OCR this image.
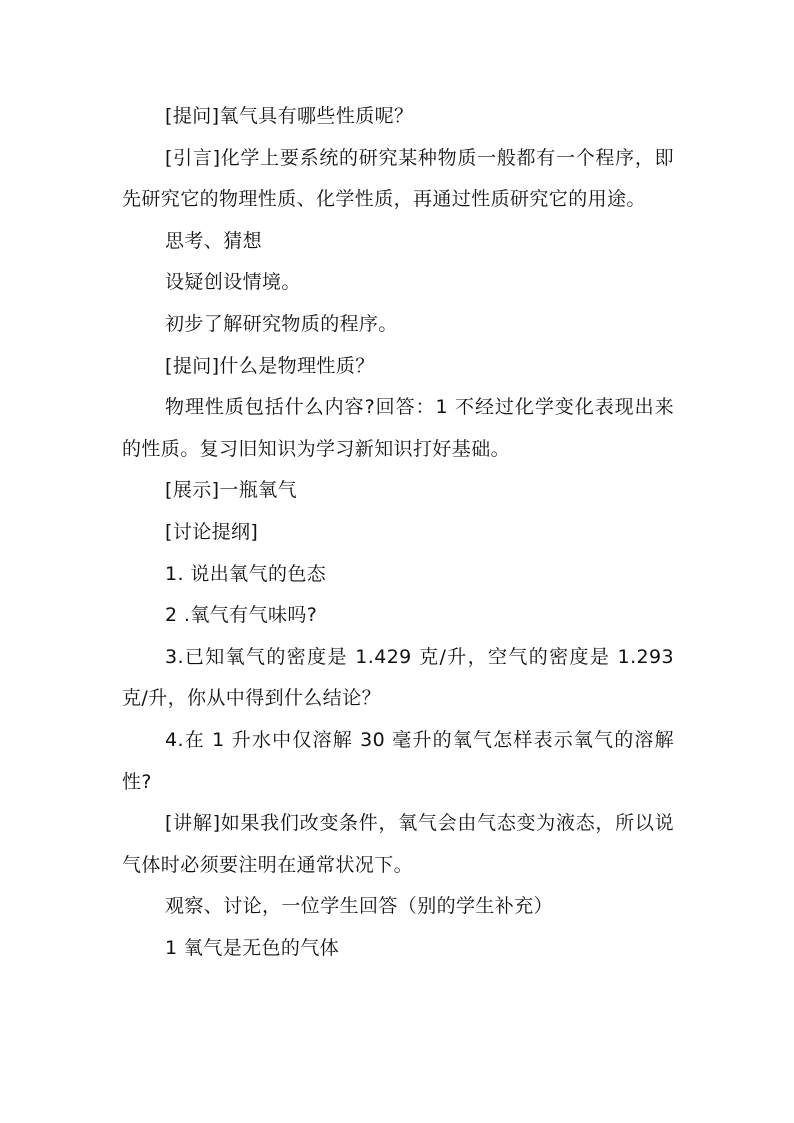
[提问]氧气具有哪些性质呢？

[引言]化学上要系统的研究某种物质一般都有一个程序，即先研究它的物理性质、化学性质，再通过性质研究它的用途。

思考、猜想

设疑创设情境。

初步了解研究物质的程序。

[提问]什么是物理性质？

物理性质包括什么内容?回答：1 不经过化学变化表现出来的性质。复习旧知识为学习新知识打好基础。

[展示]一瓶氧气

[讨论提纲]

1. 说出氧气的色态

2 .氧气有气味吗?

3.已知氧气的密度是 1.429 克/升，空气的密度是 1.293 克/升，你从中得到什么结论？

4.在 1 升水中仅溶解 30 毫升的氧气怎样表示氧气的溶解性?

[讲解]如果我们改变条件，氧气会由气态变为液态，所以说气体时必须要注明在通常状况下。

观察、讨论，一位学生回答（别的学生补充）

1 氧气是无色的气体
